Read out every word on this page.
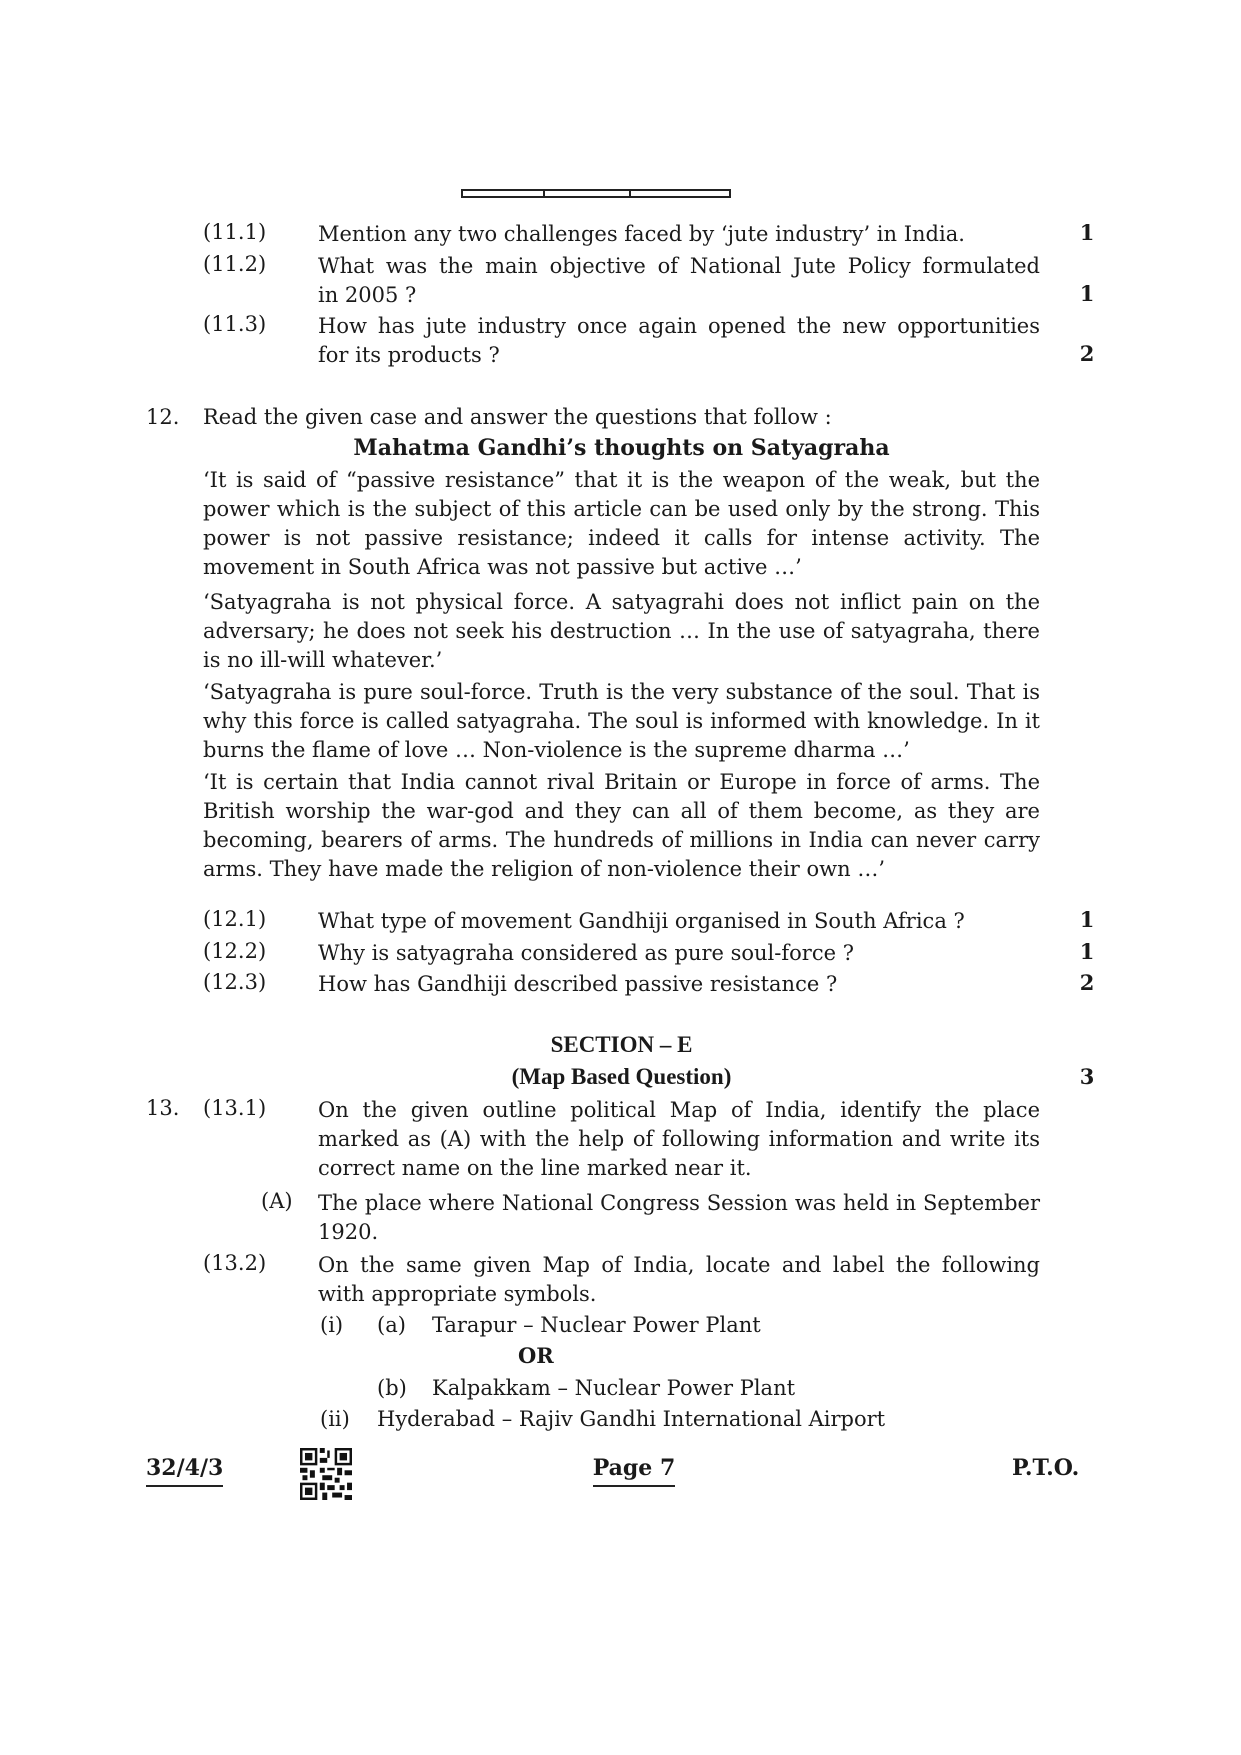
(11.1) Mention any two challenges faced by ‘jute industry’ in India.	1
(11.2) What was the main objective of National Jute Policy formulated
in 2005 ?	1
(11.3) How has jute industry once again opened the new opportunities
for its products ?	2
12. Read the given case and answer the questions that follow :
Mahatma Gandhi’s thoughts on Satyagraha
‘It is said of “passive resistance” that it is the weapon of the weak, but the power which is the subject of this article can be used only by the strong. This power is not passive resistance; indeed it calls for intense activity. The movement in South Africa was not passive but active …’
‘Satyagraha is not physical force. A satyagrahi does not inflict pain on the adversary; he does not seek his destruction … In the use of satyagraha, there is no ill-will whatever.’
‘Satyagraha is pure soul-force. Truth is the very substance of the soul. That is why this force is called satyagraha. The soul is informed with knowledge. In it burns the flame of love … Non-violence is the supreme dharma …’
‘It is certain that India cannot rival Britain or Europe in force of arms. The British worship the war-god and they can all of them become, as they are becoming, bearers of arms. The hundreds of millions in India can never carry arms. They have made the religion of non-violence their own …’
(12.1) What type of movement Gandhiji organised in South Africa ?	1
(12.2) Why is satyagraha considered as pure soul-force ?	1
(12.3) How has Gandhiji described passive resistance ?	2
SECTION – E
(Map Based Question)	3
13. (13.1) On the given outline political Map of India, identify the place marked as (A) with the help of following information and write its correct name on the line marked near it.
(A) The place where National Congress Session was held in September 1920.
(13.2) On the same given Map of India, locate and label the following with appropriate symbols.
(i) (a) Tarapur – Nuclear Power Plant
OR
(b) Kalpakkam – Nuclear Power Plant
(ii) Hyderabad – Rajiv Gandhi International Airport
32/4/3	Page 7	P.T.O.
